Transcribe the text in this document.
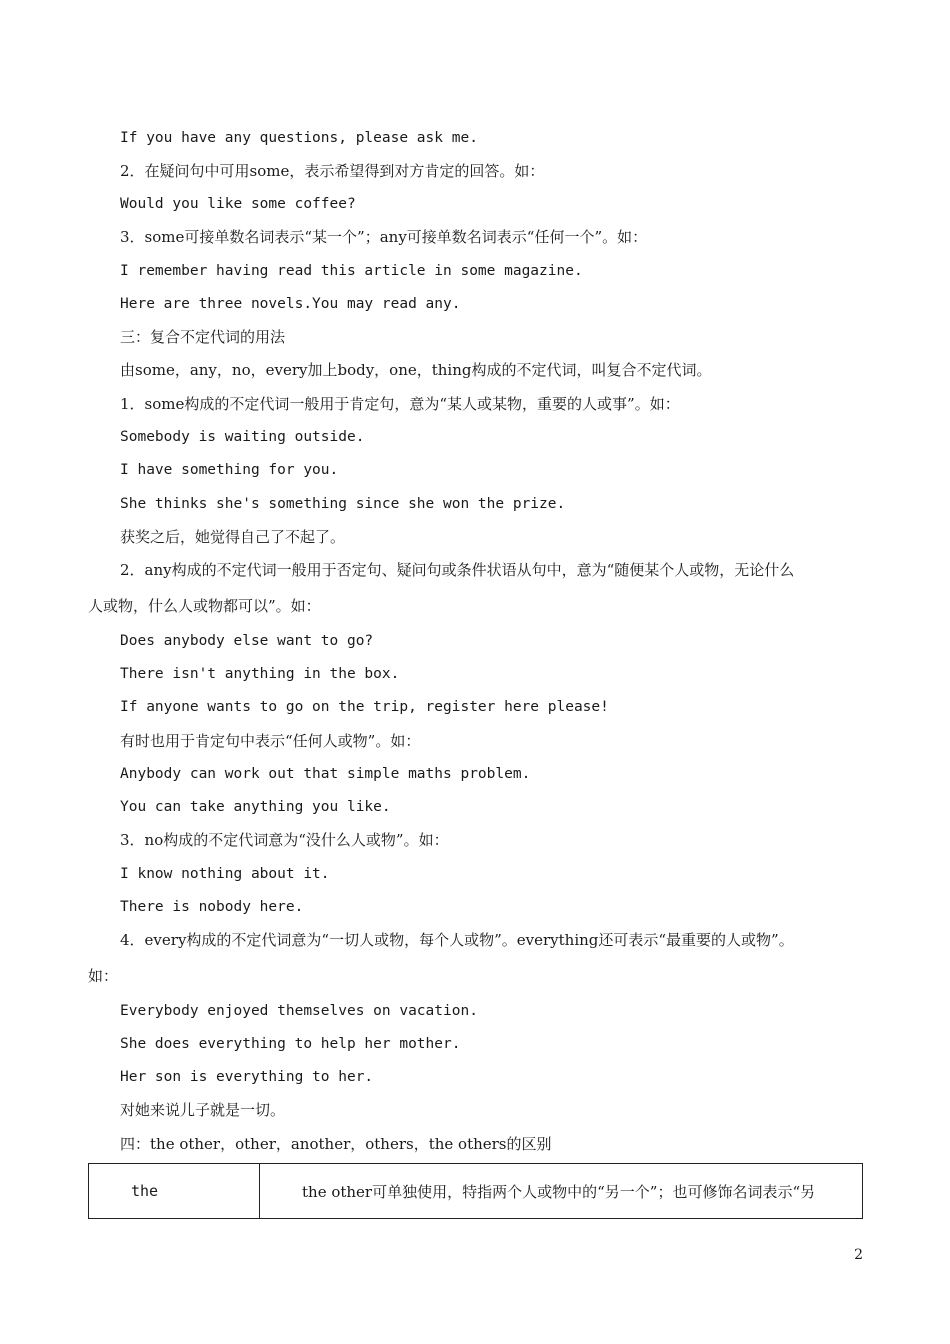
If you have any questions, please ask me.
2．在疑问句中可用some，表示希望得到对方肯定的回答。如：
Would you like some coffee?
3．some可接单数名词表示“某一个”；any可接单数名词表示“任何一个”。如：
I remember having read this article in some magazine.
Here are three novels.You may read any.
三：复合不定代词的用法
由some，any，no，every加上body，one，thing构成的不定代词，叫复合不定代词。
1．some构成的不定代词一般用于肯定句，意为“某人或某物，重要的人或事”。如：
Somebody is waiting outside.
I have something for you.
She thinks she's something since she won the prize.
获奖之后，她觉得自己了不起了。
2．any构成的不定代词一般用于否定句、疑问句或条件状语从句中，意为“随便某个人或物，无论什么
人或物，什么人或物都可以”。如：
Does anybody else want to go?
There isn't anything in the box.
If anyone wants to go on the trip, register here please!
有时也用于肯定句中表示“任何人或物”。如：
Anybody can work out that simple maths problem.
You can take anything you like.
3．no构成的不定代词意为“没什么人或物”。如：
I know nothing about it.
There is nobody here.
4．every构成的不定代词意为“一切人或物，每个人或物”。everything还可表示“最重要的人或物”。
如：
Everybody enjoyed themselves on vacation.
She does everything to help her mother.
Her son is everything to her.
对她来说儿子就是一切。
四：the other，other，another，others，the others的区别
the	the other可单独使用，特指两个人或物中的“另一个”；也可修饰名词表示“另
2
